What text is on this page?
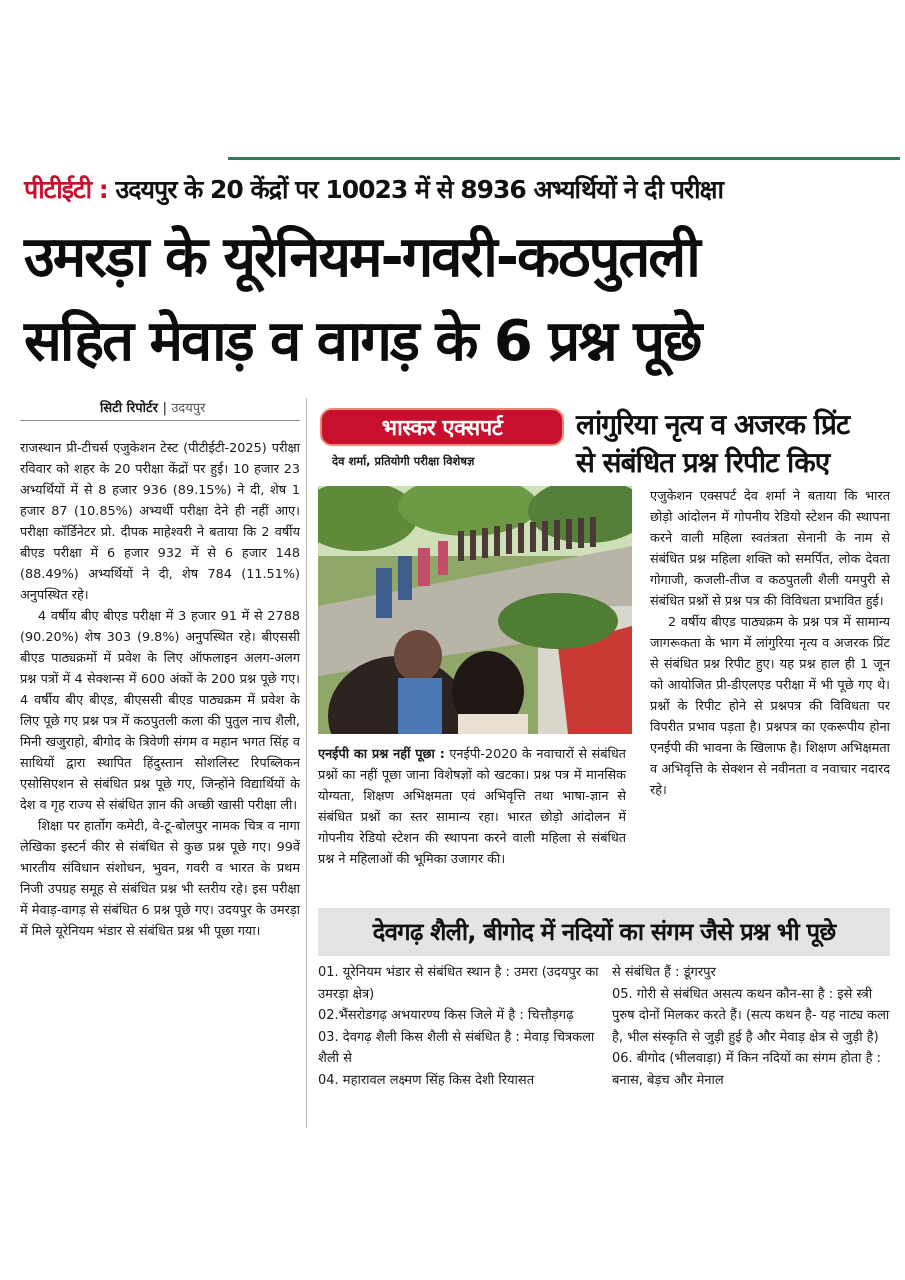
पीटीईटी : उदयपुर के 20 केंद्रों पर 10023 में से 8936 अभ्यर्थियों ने दी परीक्षा
उमरड़ा के यूरेनियम-गवरी-कठपुतली
सहित मेवाड़ व वागड़ के 6 प्रश्न पूछे
सिटी रिपोर्टर | उदयपुर

राजस्थान प्री-टीचर्स एजुकेशन टेस्ट (पीटीईटी-2025) परीक्षा रविवार को शहर के 20 परीक्षा केंद्रों पर हुई। 10 हजार 23 अभ्यर्थियों में से 8 हजार 936 (89.15%) ने दी, शेष 1 हजार 87 (10.85%) अभ्यर्थी परीक्षा देने ही नहीं आए। परीक्षा कॉर्डिनेटर प्रो. दीपक माहेश्वरी ने बताया कि 2 वर्षीय बीएड परीक्षा में 6 हजार 932 में से 6 हजार 148 (88.49%) अभ्यर्थियों ने दी, शेष 784 (11.51%) अनुपस्थित रहे।

4 वर्षीय बीए बीएड परीक्षा में 3 हजार 91 में से 2788 (90.20%) शेष 303 (9.8%) अनुपस्थित रहे। बीएससी बीएड पाठ्यक्रमों में प्रवेश के लिए ऑफलाइन अलग-अलग प्रश्न पत्रों में 4 सेक्शन्स में 600 अंकों के 200 प्रश्न पूछे गए। 4 वर्षीय बीए बीएड, बीएससी बीएड पाठ्यक्रम में प्रवेश के लिए पूछे गए प्रश्न पत्र में कठपुतली कला की पुतुल नाच शैली, मिनी खजुराहो, बीगोद के त्रिवेणी संगम व महान भगत सिंह व साथियों द्वारा स्थापित हिंदुस्तान सोशलिस्ट रिपब्लिकन एसोसिएशन से संबंधित प्रश्न पूछे गए, जिन्होंने विद्यार्थियों के देश व गृह राज्य से संबंधित ज्ञान की अच्छी खासी परीक्षा ली।

शिक्षा पर हार्तोग कमेटी, वे-टू-बोलपुर नामक चित्र व नागा लेखिका इस्टर्न कीर से संबंधित से कुछ प्रश्न पूछे गए। 99वें भारतीय संविधान संशोधन, भुवन, गवरी व भारत के प्रथम निजी उपग्रह समूह से संबंधित प्रश्न भी स्तरीय रहे। इस परीक्षा में मेवाड़-वागड़ से संबंधित 6 प्रश्न पूछे गए। उदयपुर के उमरड़ा में मिले यूरेनियम भंडार से संबंधित प्रश्न भी पूछा गया।

भास्कर एक्सपर्ट
देव शर्मा, प्रतियोगी परीक्षा विशेषज्ञ
लांगुरिया नृत्य व अजरक प्रिंट
से संबंधित प्रश्न रिपीट किए

एनईपी का प्रश्न नहीं पूछा : एनईपी-2020 के नवाचारों से संबंधित प्रश्नों का नहीं पूछा जाना विशेषज्ञों को खटका। प्रश्न पत्र में मानसिक योग्यता, शिक्षण अभिक्षमता एवं अभिवृत्ति तथा भाषा-ज्ञान से संबंधित प्रश्नों का स्तर सामान्य रहा। भारत छोड़ो आंदोलन में गोपनीय रेडियो स्टेशन की स्थापना करने वाली महिला से संबंधित प्रश्न ने महिलाओं की भूमिका उजागर की।

एजुकेशन एक्सपर्ट देव शर्मा ने बताया कि भारत छोड़ो आंदोलन में गोपनीय रेडियो स्टेशन की स्थापना करने वाली महिला स्वतंत्रता सेनानी के नाम से संबंधित प्रश्न महिला शक्ति को समर्पित, लोक देवता गोगाजी, कजली-तीज व कठपुतली शैली यमपुरी से संबंधित प्रश्नों से प्रश्न पत्र की विविधता प्रभावित हुई।

2 वर्षीय बीएड पाठ्यक्रम के प्रश्न पत्र में सामान्य जागरूकता के भाग में लांगुरिया नृत्य व अजरक प्रिंट से संबंधित प्रश्न रिपीट हुए। यह प्रश्न हाल ही 1 जून को आयोजित प्री-डीएलएड परीक्षा में भी पूछे गए थे। प्रश्नों के रिपीट होने से प्रश्नपत्र की विविधता पर विपरीत प्रभाव पड़ता है। प्रश्नपत्र का एकरूपीय होना एनईपी की भावना के खिलाफ है। शिक्षण अभिक्षमता व अभिवृत्ति के सेक्शन से नवीनता व नवाचार नदारद रहे।

देवगढ़ शैली, बीगोद में नदियों का संगम जैसे प्रश्न भी पूछे
01. यूरेनियम भंडार से संबंधित स्थान है : उमरा (उदयपुर का उमरड़ा क्षेत्र)
02.भैंसरोडगढ़ अभयारण्य किस जिले में है : चित्तौड़गढ़
03. देवगढ़ शैली किस शैली से संबंधित है : मेवाड़ चित्रकला शैली से
04. महारावल लक्ष्मण सिंह किस देशी रियासत
से संबंधित हैं : डूंगरपुर
05. गोरी से संबंधित असत्य कथन कौन-सा है : इसे स्त्री पुरुष दोनों मिलकर करते हैं। (सत्य कथन है- यह नाट्य कला है, भील संस्कृति से जुड़ी हुई है और मेवाड़ क्षेत्र से जुड़ी है)
06. बीगोद (भीलवाड़ा) में किन नदियों का संगम होता है : बनास, बेड़च और मेनाल
